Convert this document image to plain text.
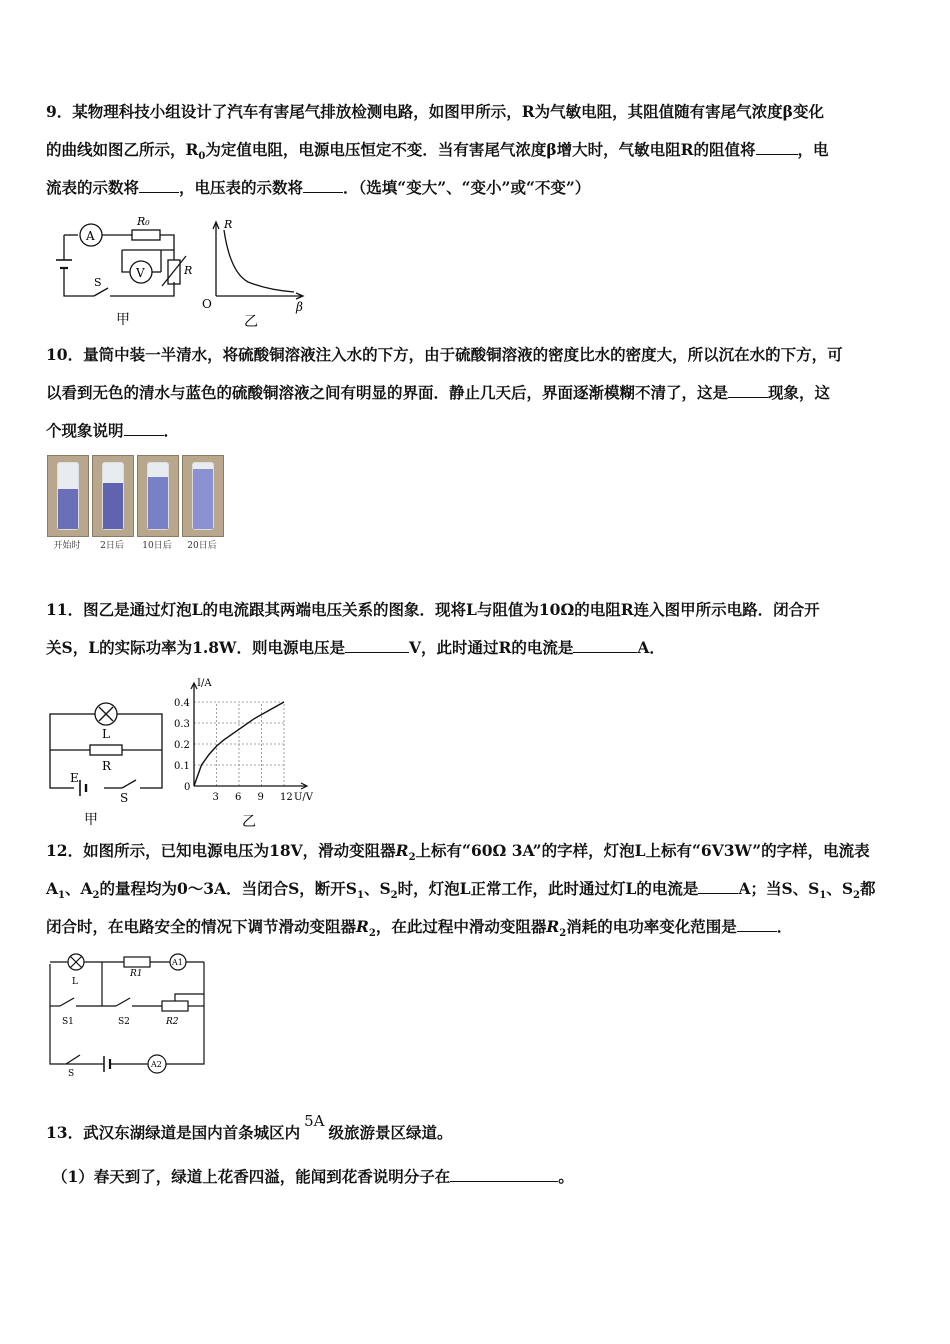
9．某物理科技小组设计了汽车有害尾气排放检测电路，如图甲所示，R为气敏电阻，其阻值随有害尾气浓度β变化

的曲线如图乙所示，$R_0$为定值电阻，电源电压恒定不变．当有害尾气浓度β增大时，气敏电阻R的阻值将	，电

流表的示数将	，电压表的示数将	．（选填“变大”、“变小”或“不变”）

A
R₀
V	R
S
甲
R
O	β
乙

10．量筒中装一半清水，将硫酸铜溶液注入水的下方，由于硫酸铜溶液的密度比水的密度大，所以沉在水的下方，可

以看到无色的清水与蓝色的硫酸铜溶液之间有明显的界面．静止几天后，界面逐渐模糊不清了，这是	现象，这

个现象说明	．

开始时	2日后	10日后	20日后

11．图乙是通过灯泡L的电流跟其两端电压关系的图象．现将L与阻值为10Ω的电阻R连入图甲所示电路．闭合开

关S，L的实际功率为1.8W．则电源电压是	V，此时通过R的电流是	A．

L
R
E
S
甲	乙
3 6 9 12
0.1
0.2
0.3
0.4
0
I/A
U/V

12．如图所示，已知电源电压为18V，滑动变阻器$R_2$上标有“60Ω 3A”的字样，灯泡L上标有“6V3W”的字样，电流表

$A_1$、$A_2$的量程均为0～3A．当闭合S，断开$S_1$、$S_2$时，灯泡L正常工作，此时通过灯L的电流是	A；当S、$S_1$、$S_2$都

闭合时，在电路安全的情况下调节滑动变阻器$R_2$，在此过程中滑动变阻器$R_2$消耗的电功率变化范围是	．

L
R1
A1
S1	S2	R2
S
A2

13．武汉东湖绿道是国内首条城区内5A级旅游景区绿道。

（1）春天到了，绿道上花香四溢，能闻到花香说明分子在	。
